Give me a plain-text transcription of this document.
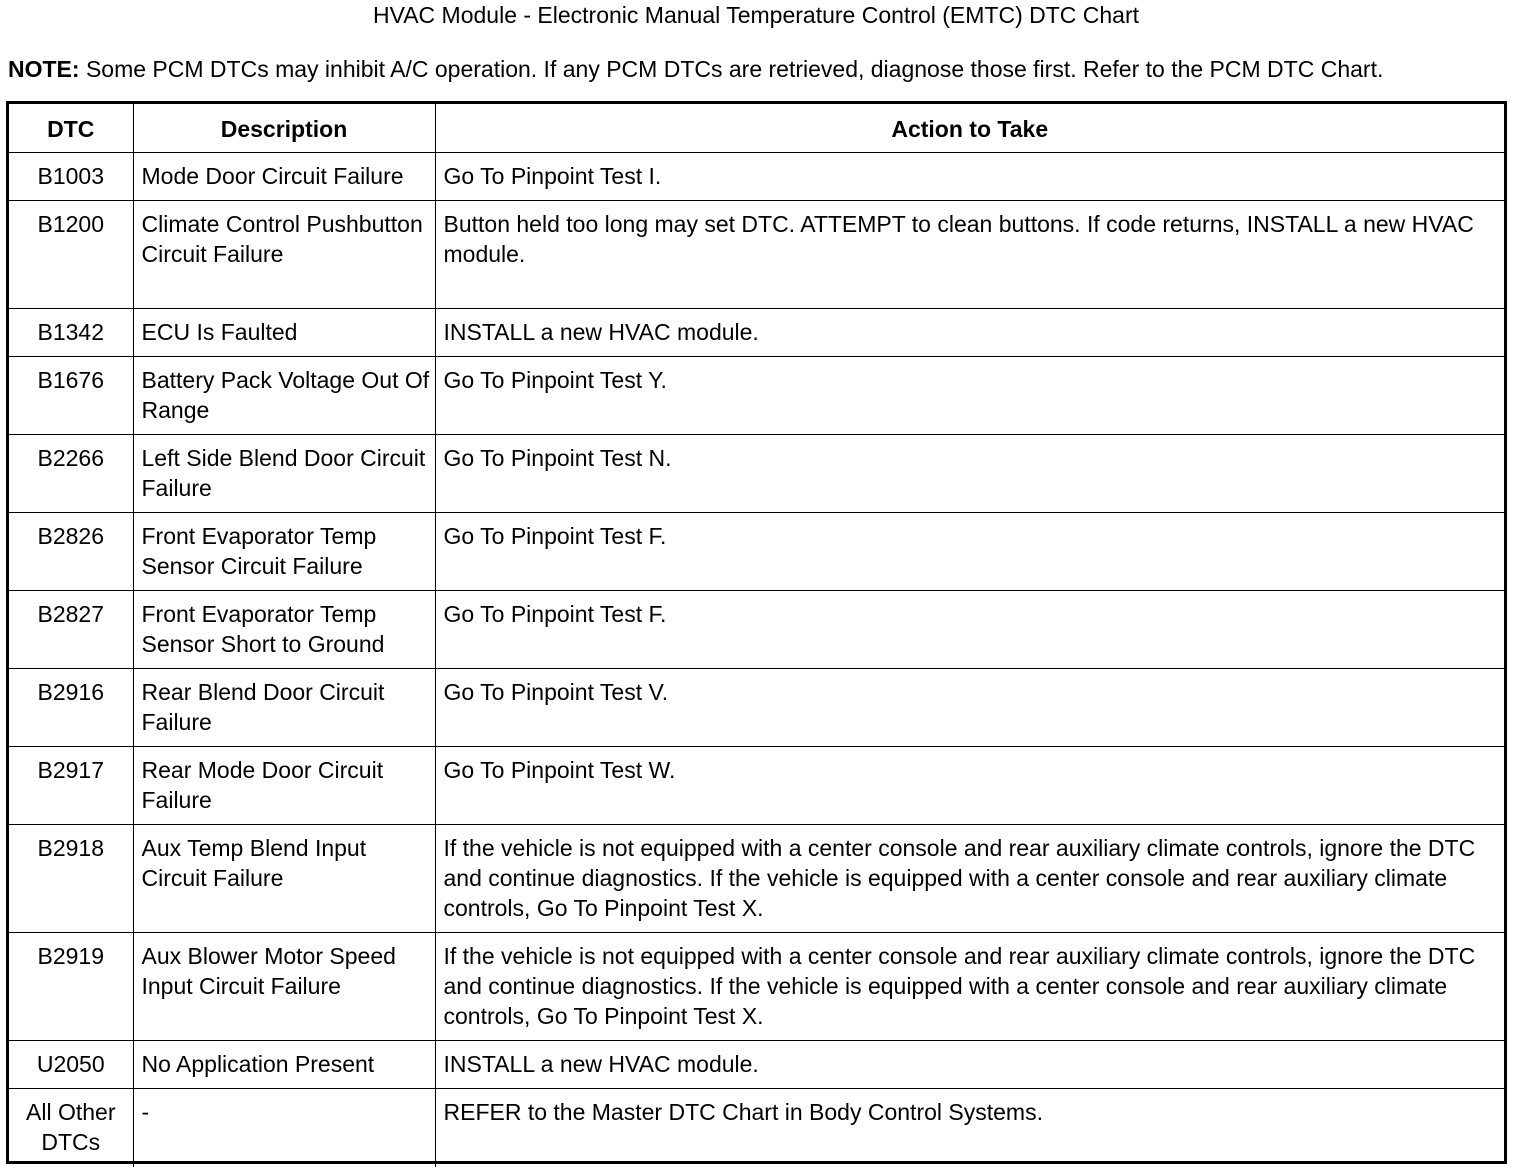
HVAC Module - Electronic Manual Temperature Control (EMTC) DTC Chart
NOTE: Some PCM DTCs may inhibit A/C operation. If any PCM DTCs are retrieved, diagnose those first. Refer to the PCM DTC Chart.
DTC	Description	Action to Take
B1003	Mode Door Circuit Failure	Go To Pinpoint Test I.
B1200	Climate Control Pushbutton Circuit Failure	Button held too long may set DTC. ATTEMPT to clean buttons. If code returns, INSTALL a new HVAC module.
B1342	ECU Is Faulted	INSTALL a new HVAC module.
B1676	Battery Pack Voltage Out Of Range	Go To Pinpoint Test Y.
B2266	Left Side Blend Door Circuit Failure	Go To Pinpoint Test N.
B2826	Front Evaporator Temp Sensor Circuit Failure	Go To Pinpoint Test F.
B2827	Front Evaporator Temp Sensor Short to Ground	Go To Pinpoint Test F.
B2916	Rear Blend Door Circuit Failure	Go To Pinpoint Test V.
B2917	Rear Mode Door Circuit Failure	Go To Pinpoint Test W.
B2918	Aux Temp Blend Input Circuit Failure	If the vehicle is not equipped with a center console and rear auxiliary climate controls, ignore the DTC and continue diagnostics. If the vehicle is equipped with a center console and rear auxiliary climate controls, Go To Pinpoint Test X.
B2919	Aux Blower Motor Speed Input Circuit Failure	If the vehicle is not equipped with a center console and rear auxiliary climate controls, ignore the DTC and continue diagnostics. If the vehicle is equipped with a center console and rear auxiliary climate controls, Go To Pinpoint Test X.
U2050	No Application Present	INSTALL a new HVAC module.
All Other DTCs	-	REFER to the Master DTC Chart in Body Control Systems.
